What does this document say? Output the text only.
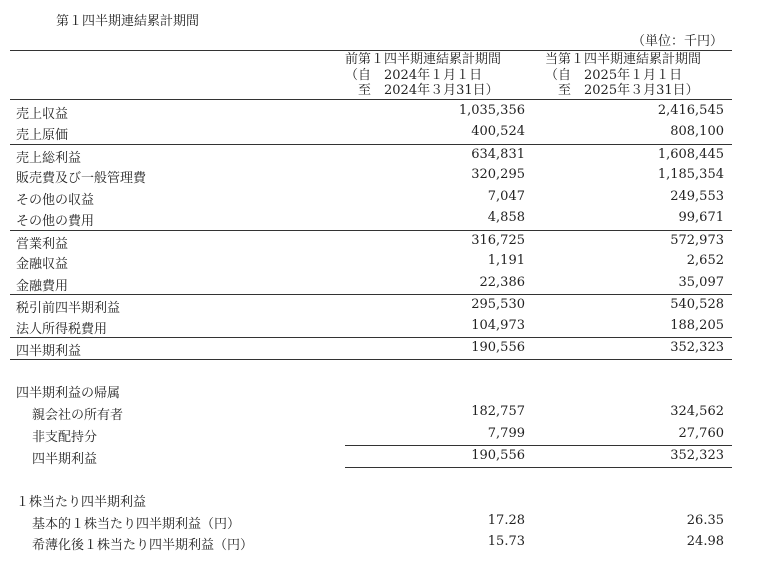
第１四半期連結累計期間
（単位：千円）
前第１四半期連結累計期間
（自　2024年１月１日
　至　2024年３月31日）
当第１四半期連結累計期間
（自　2025年１月１日
　至　2025年３月31日）
売上収益	1,035,356	2,416,545
売上原価	400,524	808,100
売上総利益	634,831	1,608,445
販売費及び一般管理費	320,295	1,185,354
その他の収益	7,047	249,553
その他の費用	4,858	99,671
営業利益	316,725	572,973
金融収益	1,191	2,652
金融費用	22,386	35,097
税引前四半期利益	295,530	540,528
法人所得税費用	104,973	188,205
四半期利益	190,556	352,323
四半期利益の帰属
親会社の所有者	182,757	324,562
非支配持分	7,799	27,760
四半期利益	190,556	352,323
１株当たり四半期利益
基本的１株当たり四半期利益（円）	17.28	26.35
希薄化後１株当たり四半期利益（円）	15.73	24.98
